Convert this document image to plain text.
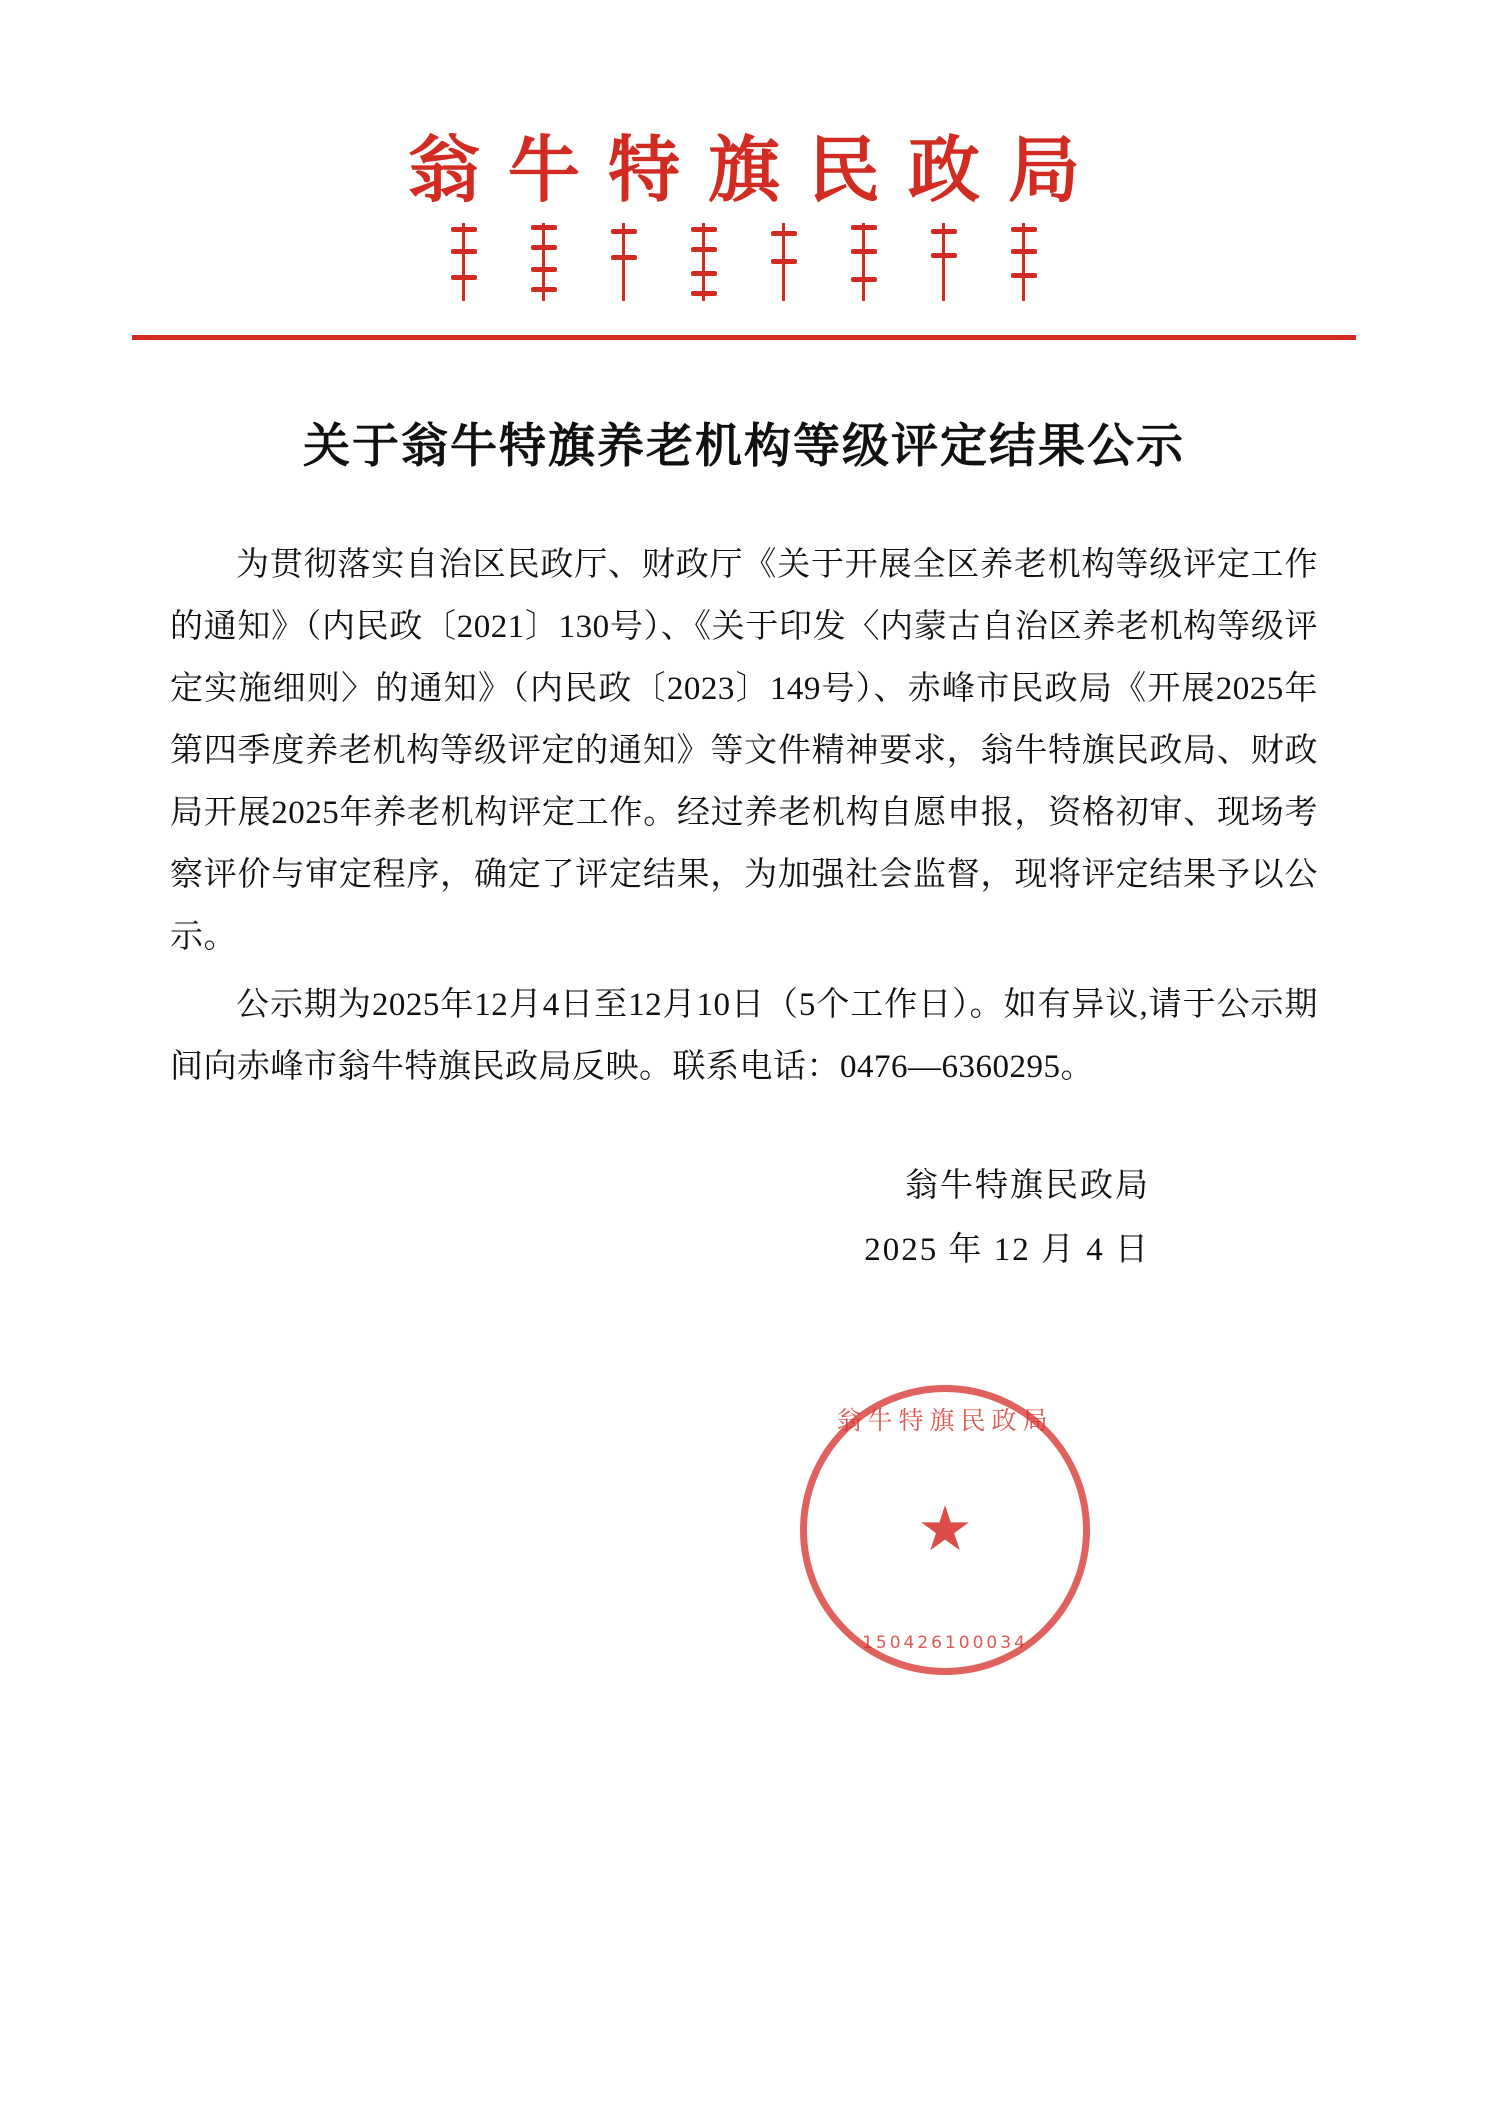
翁牛特旗民政局
关于翁牛特旗养老机构等级评定结果公示

为贯彻落实自治区民政厅、财政厅《关于开展全区养老机构等级评定工作的通知》（内民政〔2021〕130号）、《关于印发〈内蒙古自治区养老机构等级评定实施细则〉的通知》（内民政〔2023〕149号）、赤峰市民政局《开展2025年第四季度养老机构等级评定的通知》等文件精神要求，翁牛特旗民政局、财政局开展2025年养老机构评定工作。经过养老机构自愿申报，资格初审、现场考察评价与审定程序，确定了评定结果，为加强社会监督，现将评定结果予以公示。

公示期为2025年12月4日至12月10日（5个工作日）。如有异议,请于公示期间向赤峰市翁牛特旗民政局反映。联系电话：0476—6360295。

翁牛特旗民政局
★
150426100034
翁牛特旗民政局
2025 年 12 月 4 日
